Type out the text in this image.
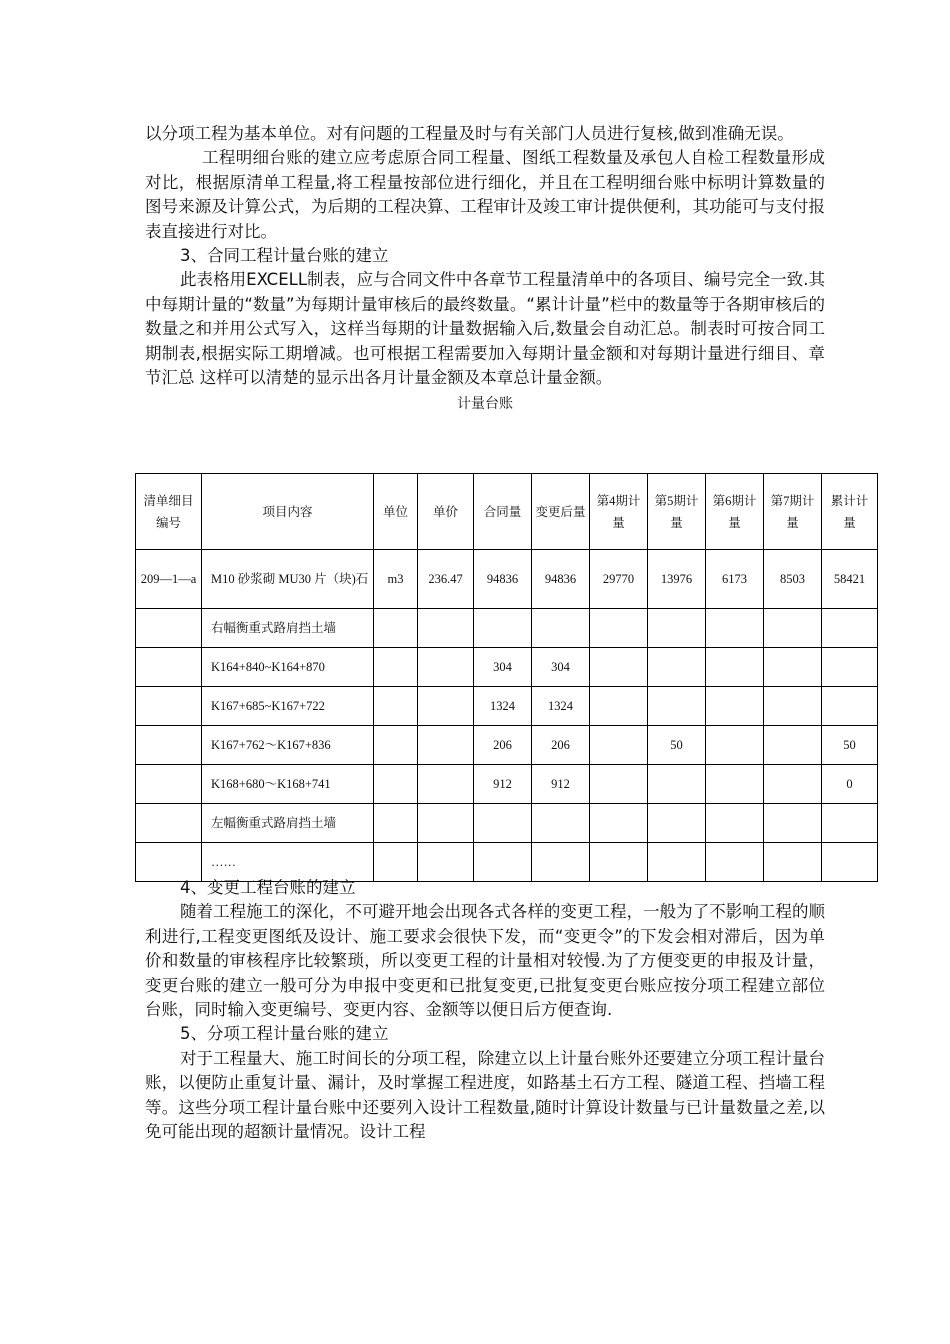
以分项工程为基本单位。对有问题的工程量及时与有关部门人员进行复核,做到准确无误。

工程明细台账的建立应考虑原合同工程量、图纸工程数量及承包人自检工程数量形成对比，根据原清单工程量,将工程量按部位进行细化，并且在工程明细台账中标明计算数量的图号来源及计算公式，为后期的工程决算、工程审计及竣工审计提供便利，其功能可与支付报表直接进行对比。

3、合同工程计量台账的建立

此表格用EXCELL制表，应与合同文件中各章节工程量清单中的各项目、编号完全一致.其中每期计量的“数量”为每期计量审核后的最终数量。“累计计量”栏中的数量等于各期审核后的数量之和并用公式写入，这样当每期的计量数据输入后,数量会自动汇总。制表时可按合同工期制表,根据实际工期增减。也可根据工程需要加入每期计量金额和对每期计量进行细目、章节汇总 这样可以清楚的显示出各月计量金额及本章总计量金额。

计量台账

清单细目编号	项目内容	单位	单价	合同量	变更后量	第4期计量	第5期计量	第6期计量	第7期计量	累计计量
209—1—a	M10 砂浆砌 MU30 片（块)石	m3	236.47	94836	94836	29770	13976	6173	8503	58421
	右幅衡重式路肩挡土墙									
	K164+840~K164+870			304	304					
	K167+685~K167+722			1324	1324					
	K167+762～K167+836			206	206		50			50
	K168+680～K168+741			912	912					0
	左幅衡重式路肩挡土墙									
	……									

4、变更工程台账的建立

随着工程施工的深化，不可避开地会出现各式各样的变更工程，一般为了不影响工程的顺利进行,工程变更图纸及设计、施工要求会很快下发，而“变更令”的下发会相对滞后，因为单价和数量的审核程序比较繁琐，所以变更工程的计量相对较慢.为了方便变更的申报及计量，变更台账的建立一般可分为申报中变更和已批复变更,已批复变更台账应按分项工程建立部位台账，同时输入变更编号、变更内容、金额等以便日后方便查询.

5、分项工程计量台账的建立

对于工程量大、施工时间长的分项工程，除建立以上计量台账外还要建立分项工程计量台账，以便防止重复计量、漏计，及时掌握工程进度，如路基土石方工程、隧道工程、挡墙工程等。这些分项工程计量台账中还要列入设计工程数量,随时计算设计数量与已计量数量之差,以免可能出现的超额计量情况。设计工程
